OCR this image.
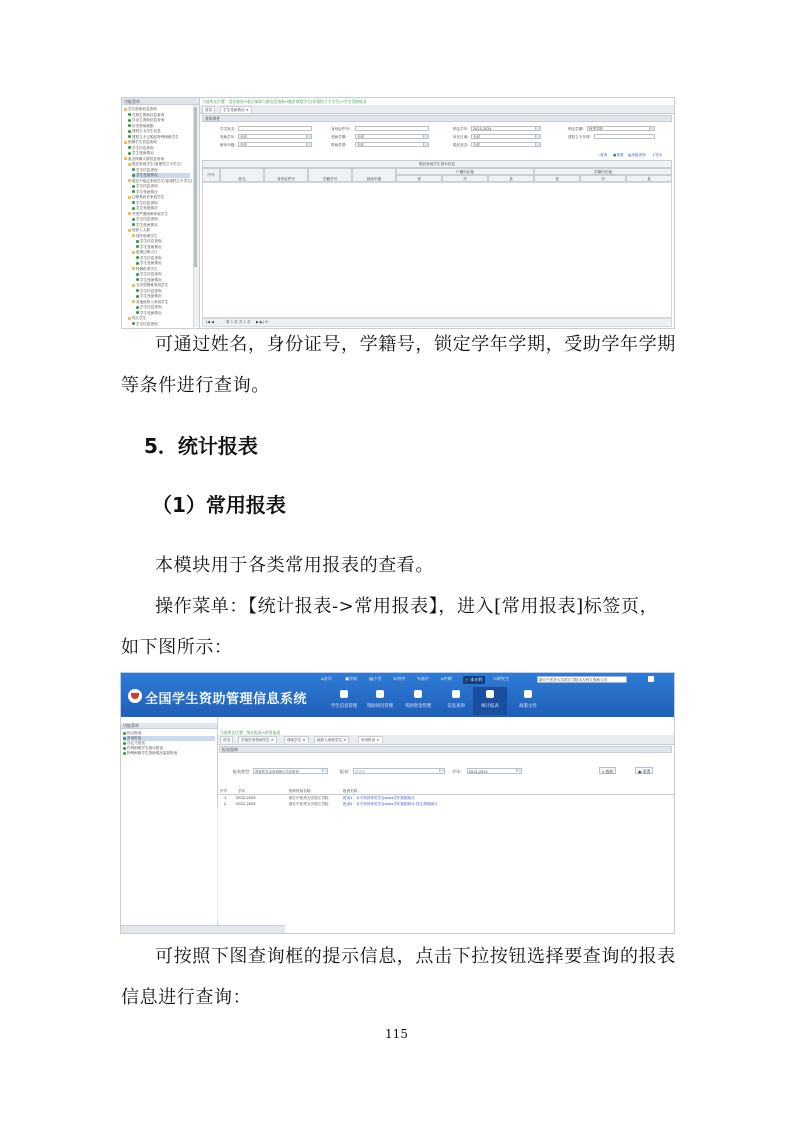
功能菜单
学生资助信息查询
在校生资助信息查询
毕业生资助信息查询
历史资助数据
建档立卡学生信息
建档立卡已脱贫特殊困难学生
困难学生信息查询
学生信息查询
学生受助情况
重点保障人群信息查询
脱贫家庭学生(原建档立卡学生)
学生信息查询
学生受助情况
脱贫不稳定家庭学生(原建档立卡学生)
学生信息查询
学生受助情况
边缘易致贫家庭学生
学生信息查询
学生受助情况
突发严重困难家庭学生
学生信息查询
学生受助情况
低收入人群
城乡低保学生
学生信息查询
学生受助情况
低保边缘人口
学生信息查询
学生受助情况
特困供养学生
学生信息查询
学生受助情况
支出型困难家庭学生
学生信息查询
学生受助情况
其他低收入家庭学生
学生信息查询
学生受助情况
孤儿学生
学生信息查询
当前所在位置：信息查询→重点保障人群信息查询→脱贫家庭学生(原建档立卡学生)→学生受助情况
首页	学生受助情况 ×
查询条件
学生姓名:	身份证件号:	锁定学年:	2023-2024	锁定学期:	秋季学期
受助学年:	全部	受助学期:	全部	所在区域:	全部	建档立卡年度:
就读年级:	全部	资助类型:	全部	脱贫状态:	全部
⌕查询 ▣重置 ▤高级查询 ⇩导出
脱贫家庭学生基本信息
序号
姓名	身份证件号	学籍学号	就读年级
户籍所在地	学籍所在地
省	市	县	省	市	县
|◀ ◀	第 1 页 共 1 页 ▶ ▶| ⟳
可通过姓名，身份证号，学籍号，锁定学年学期，受助学年学期
等条件进行查询。
5．统计报表
（1）常用报表
本模块用于各类常用报表的查看。
操作菜单：【统计报表->常用报表】，进入[常用报表]标签页，
如下图所示：
全国学生资助管理信息系统
⌂首页	▣学前	▤小学	♙初中	✎高中	⌂中职	🎓本专科	⚇研究生	浙江中医药大学滨江学院本专科生资助人员
学生信息管理	资助项目管理	奖助资金管理	信息查询	统计报表	政策文件
功能菜单
综合报表
常用报表
自定义报表
伤残困难学生统计报表
特殊困难学生资助情况监管报表
当前所在位置：统计报表→常用报表
首页	学前任务资助学生 ×	残疾学生 ×	低收入家庭学生 ×	常用报表 ×
报表查询
报表类型:	国家奖学金获得统计学年报表	报表:	请选择	学年:	2022-2023	⌕ 查询	▣ 重置
序号	学年	组织机构名称	报表名称
1	2022-2023	浙江中医药大学滨江学院	报表1：本专科国家奖学金xxxx学年数据统计
2	2022-2023	浙江中医药大学滨江学院	报表2：本专科国家奖学金xxxx学年数据统计-按生源地统计
可按照下图查询框的提示信息，点击下拉按钮选择要查询的报表
信息进行查询：
115
